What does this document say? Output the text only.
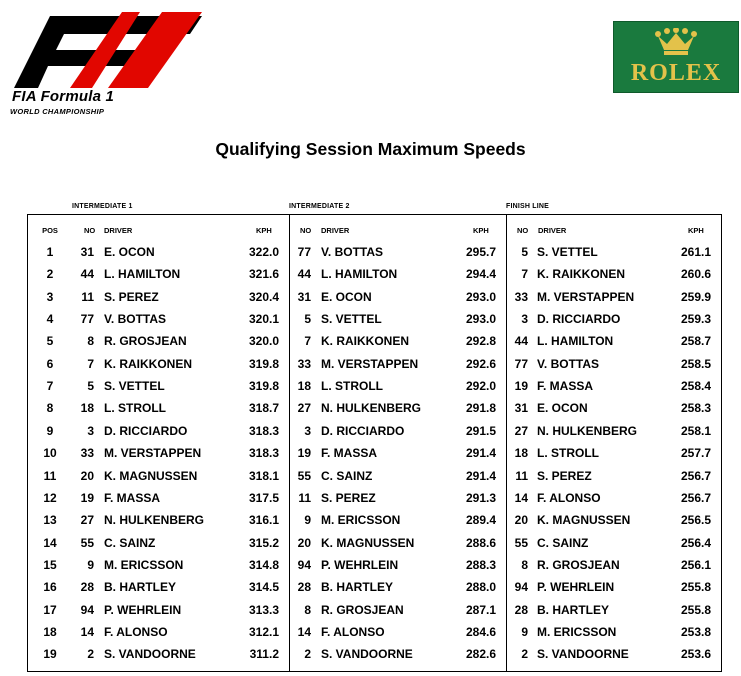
FIA Formula 1
WORLD CHAMPIONSHIP
ROLEX
Qualifying Session Maximum Speeds
INTERMEDIATE 1	INTERMEDIATE 2	FINISH LINE
POS	NO DRIVER	KPH	NO DRIVER	KPH	NO DRIVER	KPH
1	31 E. OCON	322.0	77 V. BOTTAS	295.7	5 S. VETTEL	261.1
2	44 L. HAMILTON	321.6	44 L. HAMILTON	294.4	7 K. RAIKKONEN	260.6
3	11 S. PEREZ	320.4	31 E. OCON	293.0	33 M. VERSTAPPEN	259.9
4	77 V. BOTTAS	320.1	5 S. VETTEL	293.0	3 D. RICCIARDO	259.3
5	8 R. GROSJEAN	320.0	7 K. RAIKKONEN	292.8	44 L. HAMILTON	258.7
6	7 K. RAIKKONEN	319.8	33 M. VERSTAPPEN	292.6	77 V. BOTTAS	258.5
7	5 S. VETTEL	319.8	18 L. STROLL	292.0	19 F. MASSA	258.4
8	18 L. STROLL	318.7	27 N. HULKENBERG	291.8	31 E. OCON	258.3
9	3 D. RICCIARDO	318.3	3 D. RICCIARDO	291.5	27 N. HULKENBERG	258.1
10	33 M. VERSTAPPEN	318.3	19 F. MASSA	291.4	18 L. STROLL	257.7
11	20 K. MAGNUSSEN	318.1	55 C. SAINZ	291.4	11 S. PEREZ	256.7
12	19 F. MASSA	317.5	11 S. PEREZ	291.3	14 F. ALONSO	256.7
13	27 N. HULKENBERG	316.1	9 M. ERICSSON	289.4	20 K. MAGNUSSEN	256.5
14	55 C. SAINZ	315.2	20 K. MAGNUSSEN	288.6	55 C. SAINZ	256.4
15	9 M. ERICSSON	314.8	94 P. WEHRLEIN	288.3	8 R. GROSJEAN	256.1
16	28 B. HARTLEY	314.5	28 B. HARTLEY	288.0	94 P. WEHRLEIN	255.8
17	94 P. WEHRLEIN	313.3	8 R. GROSJEAN	287.1	28 B. HARTLEY	255.8
18	14 F. ALONSO	312.1	14 F. ALONSO	284.6	9 M. ERICSSON	253.8
19	2 S. VANDOORNE	311.2	2 S. VANDOORNE	282.6	2 S. VANDOORNE	253.6
